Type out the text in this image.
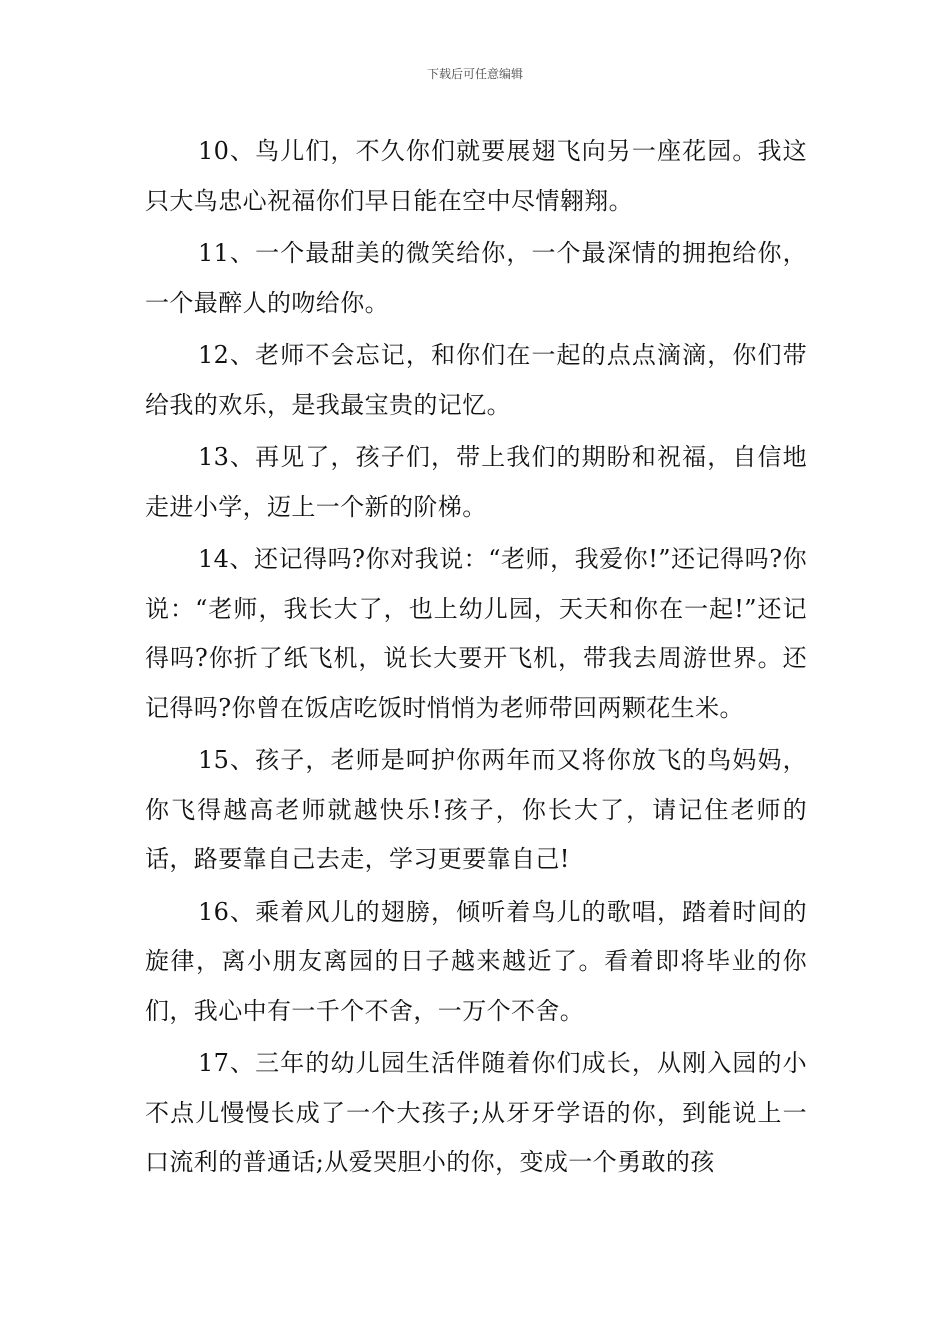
下载后可任意编辑

10、鸟儿们，不久你们就要展翅飞向另一座花园。我这只大鸟忠心祝福你们早日能在空中尽情翱翔。

11、一个最甜美的微笑给你，一个最深情的拥抱给你，一个最醉人的吻给你。

12、老师不会忘记，和你们在一起的点点滴滴，你们带给我的欢乐，是我最宝贵的记忆。

13、再见了，孩子们，带上我们的期盼和祝福，自信地走进小学，迈上一个新的阶梯。

14、还记得吗?你对我说：“老师，我爱你!”还记得吗?你说：“老师，我长大了，也上幼儿园，天天和你在一起!”还记得吗?你折了纸飞机，说长大要开飞机，带我去周游世界。还记得吗?你曾在饭店吃饭时悄悄为老师带回两颗花生米。

15、孩子，老师是呵护你两年而又将你放飞的鸟妈妈，你飞得越高老师就越快乐!孩子，你长大了，请记住老师的话，路要靠自己去走，学习更要靠自己!

16、乘着风儿的翅膀，倾听着鸟儿的歌唱，踏着时间的旋律，离小朋友离园的日子越来越近了。看着即将毕业的你们，我心中有一千个不舍，一万个不舍。

17、三年的幼儿园生活伴随着你们成长，从刚入园的小不点儿慢慢长成了一个大孩子;从牙牙学语的你，到能说上一口流利的普通话;从爱哭胆小的你，变成一个勇敢的孩
